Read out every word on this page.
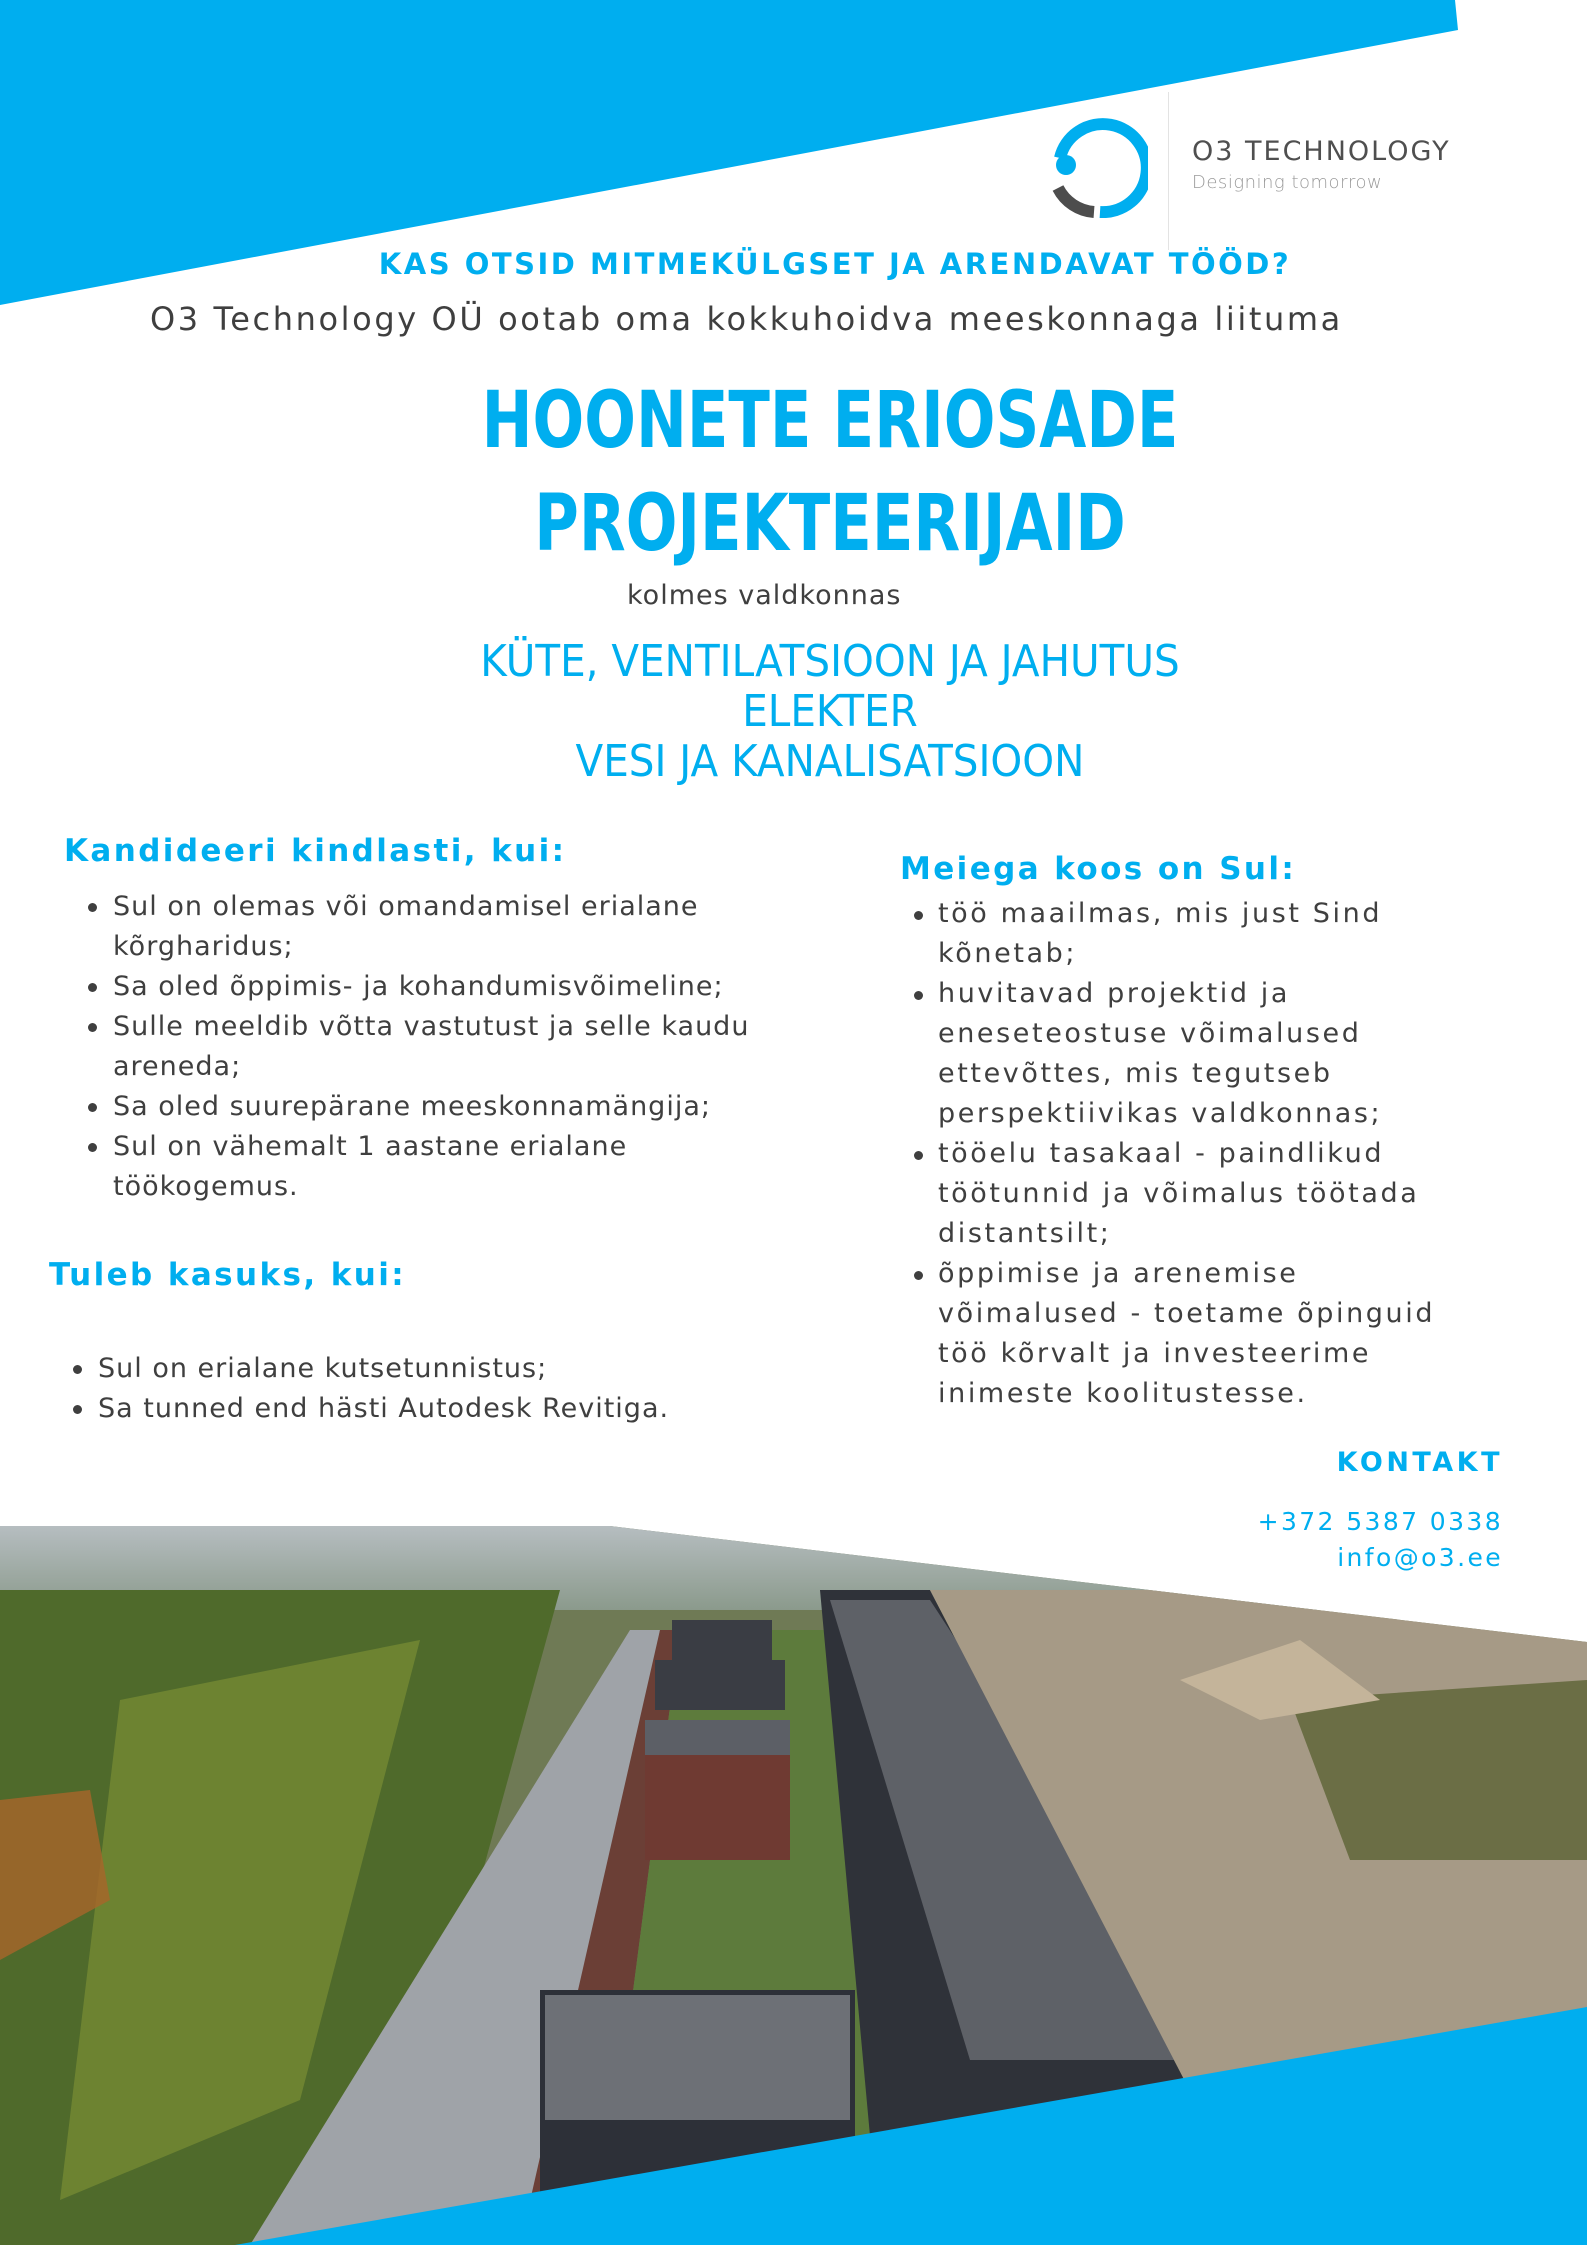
O3 TECHNOLOGY
Designing tomorrow
KAS OTSID MITMEKÜLGSET JA ARENDAVAT TÖÖD?
O3 Technology OÜ ootab oma kokkuhoidva meeskonnaga liituma
HOONETE ERIOSADE
PROJEKTEERIJAID
kolmes valdkonnas
KÜTE, VENTILATSIOON JA JAHUTUS
ELEKTER
VESI JA KANALISATSIOON
Kandideeri kindlasti, kui:
Sul on olemas või omandamisel erialane
kõrgharidus;
Sa oled õppimis- ja kohandumisvõimeline;
Sulle meeldib võtta vastutust ja selle kaudu
areneda;
Sa oled suurepärane meeskonnamängija;
Sul on vähemalt 1 aastane erialane
töökogemus.
Tuleb kasuks, kui:
Sul on erialane kutsetunnistus;
Sa tunned end hästi Autodesk Revitiga.
Meiega koos on Sul:
töö maailmas, mis just Sind
kõnetab;
huvitavad projektid ja
eneseteostuse võimalused
ettevõttes, mis tegutseb
perspektiivikas valdkonnas;
tööelu tasakaal - paindlikud
töötunnid ja võimalus töötada
distantsilt;
õppimise ja arenemise
võimalused - toetame õpinguid
töö kõrvalt ja investeerime
inimeste koolitustesse.
KONTAKT
+372 5387 0338
info@o3.ee
